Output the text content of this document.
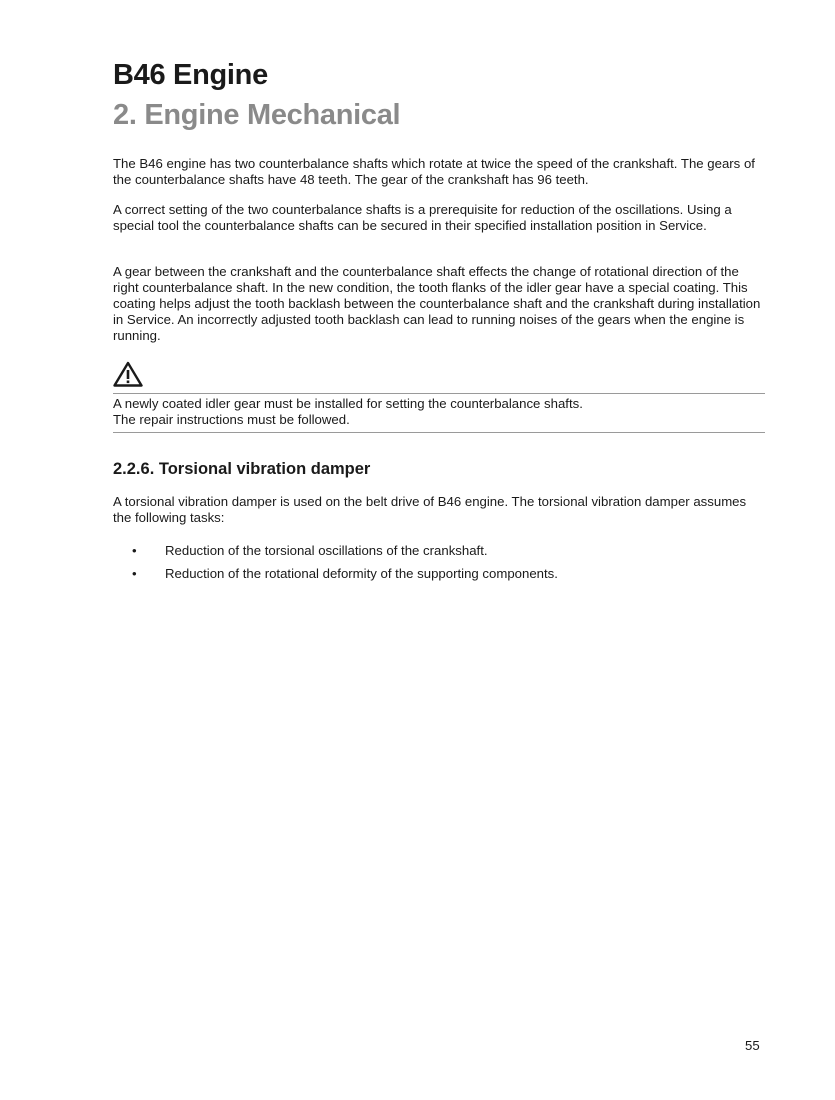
B46 Engine
2. Engine Mechanical

The B46 engine has two counterbalance shafts which rotate at twice the speed of the crankshaft. The gears of the counterbalance shafts have 48 teeth. The gear of the crankshaft has 96 teeth.

A correct setting of the two counterbalance shafts is a prerequisite for reduction of the oscillations. Using a special tool the counterbalance shafts can be secured in their specified installation position in Service.

A gear between the crankshaft and the counterbalance shaft effects the change of rotational direction of the right counterbalance shaft. In the new condition, the tooth flanks of the idler gear have a special coating. This coating helps adjust the tooth backlash between the counterbalance shaft and the crankshaft during installation in Service. An incorrectly adjusted tooth backlash can lead to running noises of the gears when the engine is running.

A newly coated idler gear must be installed for setting the counterbalance shafts.
The repair instructions must be followed.
2.2.6. Torsional vibration damper

A torsional vibration damper is used on the belt drive of B46 engine. The torsional vibration damper assumes the following tasks:

• Reduction of the torsional oscillations of the crankshaft.
• Reduction of the rotational deformity of the supporting components.
55
